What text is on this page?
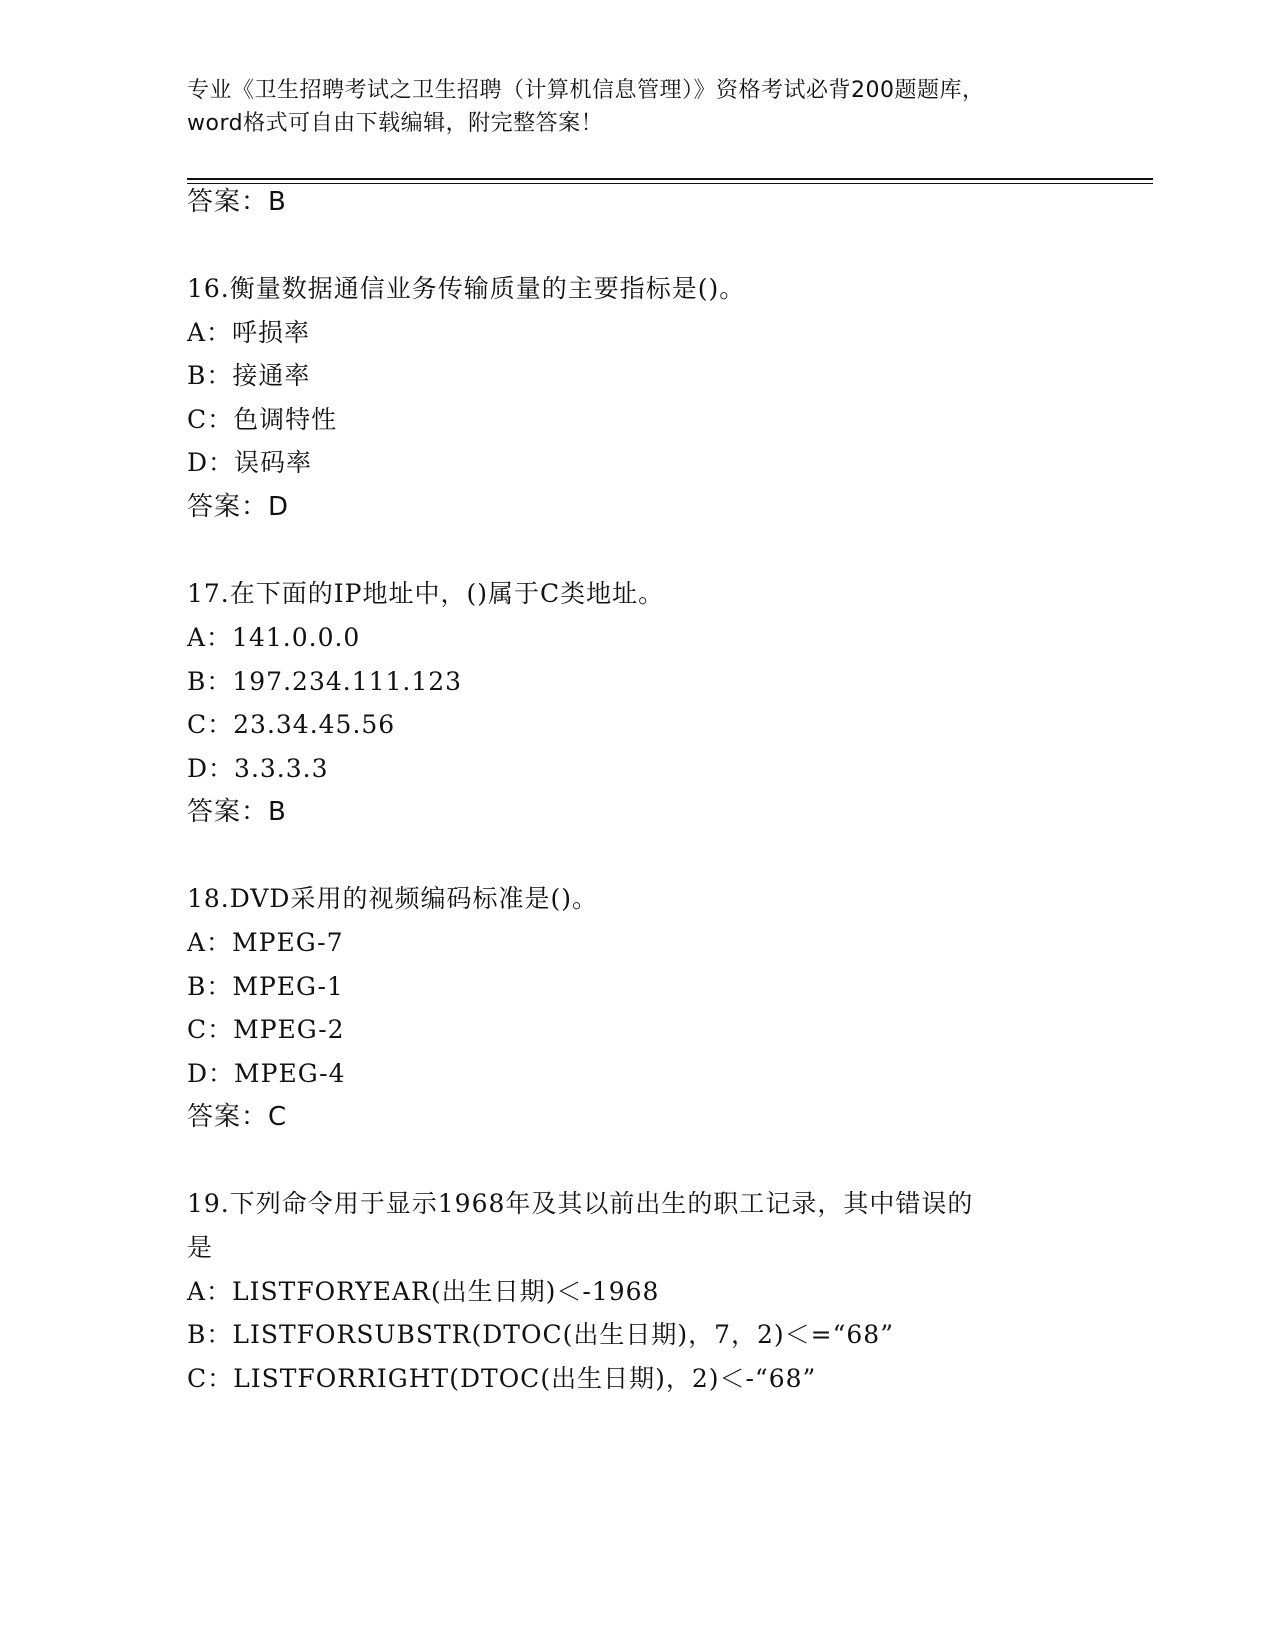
专业《卫生招聘考试之卫生招聘（计算机信息管理）》资格考试必背200题题库，
word格式可自由下载编辑，附完整答案！
答案：B
16.衡量数据通信业务传输质量的主要指标是()。
A：呼损率
B：接通率
C：色调特性
D：误码率
答案：D
17.在下面的IP地址中，()属于C类地址。
A：141.0.0.0
B：197.234.111.123
C：23.34.45.56
D：3.3.3.3
答案：B
18.DVD采用的视频编码标准是()。
A：MPEG-7
B：MPEG-1
C：MPEG-2
D：MPEG-4
答案：C
19.下列命令用于显示1968年及其以前出生的职工记录，其中错误的
是
A：LISTFORYEAR(出生日期)＜-1968
B：LISTFORSUBSTR(DTOC(出生日期)，7，2)＜=“68”
C：LISTFORRIGHT(DTOC(出生日期)，2)＜-“68”
